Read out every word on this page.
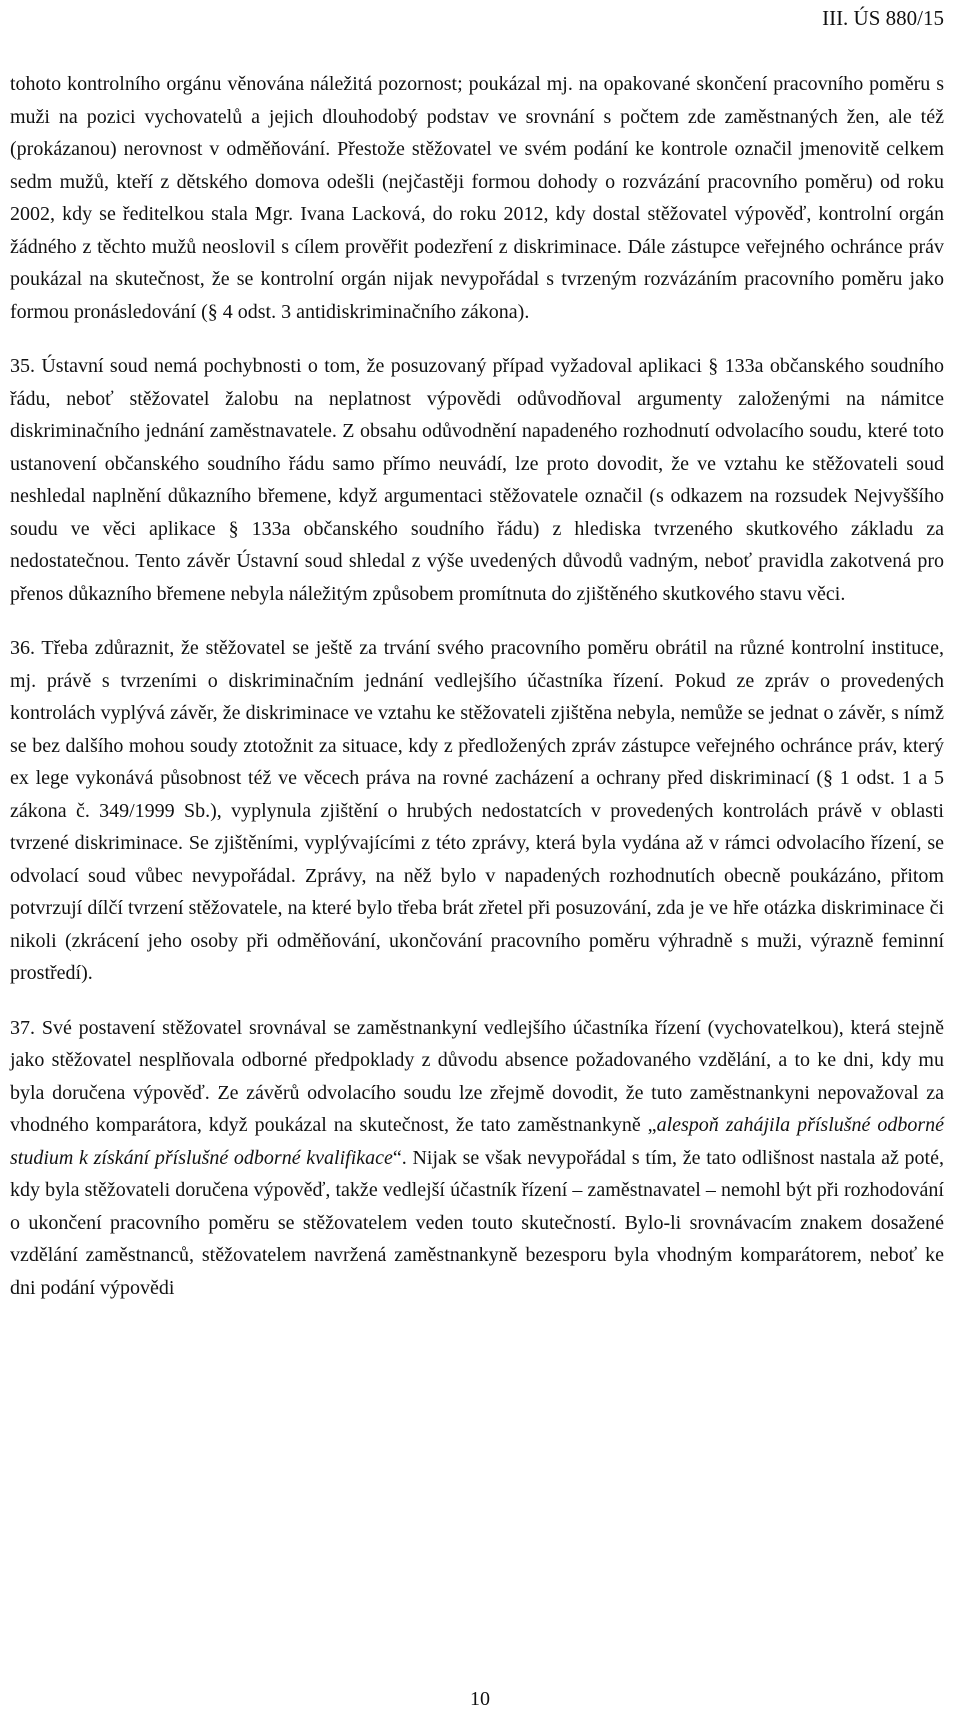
III. ÚS 880/15

tohoto kontrolního orgánu věnována náležitá pozornost; poukázal mj. na opakované skončení pracovního poměru s muži na pozici vychovatelů a jejich dlouhodobý podstav ve srovnání s počtem zde zaměstnaných žen, ale též (prokázanou) nerovnost v odměňování. Přestože stěžovatel ve svém podání ke kontrole označil jmenovitě celkem sedm mužů, kteří z dětského domova odešli (nejčastěji formou dohody o rozvázání pracovního poměru) od roku 2002, kdy se ředitelkou stala Mgr. Ivana Lacková, do roku 2012, kdy dostal stěžovatel výpověď, kontrolní orgán žádného z těchto mužů neoslovil s cílem prověřit podezření z diskriminace. Dále zástupce veřejného ochránce práv poukázal na skutečnost, že se kontrolní orgán nijak nevypořádal s tvrzeným rozvázáním pracovního poměru jako formou pronásledování (§ 4 odst. 3 antidiskriminačního zákona).

35. Ústavní soud nemá pochybnosti o tom, že posuzovaný případ vyžadoval aplikaci § 133a občanského soudního řádu, neboť stěžovatel žalobu na neplatnost výpovědi odůvodňoval argumenty založenými na námitce diskriminačního jednání zaměstnavatele. Z obsahu odůvodnění napadeného rozhodnutí odvolacího soudu, které toto ustanovení občanského soudního řádu samo přímo neuvádí, lze proto dovodit, že ve vztahu ke stěžovateli soud neshledal naplnění důkazního břemene, když argumentaci stěžovatele označil (s odkazem na rozsudek Nejvyššího soudu ve věci aplikace § 133a občanského soudního řádu) z hlediska tvrzeného skutkového základu za nedostatečnou. Tento závěr Ústavní soud shledal z výše uvedených důvodů vadným, neboť pravidla zakotvená pro přenos důkazního břemene nebyla náležitým způsobem promítnuta do zjištěného skutkového stavu věci.

36. Třeba zdůraznit, že stěžovatel se ještě za trvání svého pracovního poměru obrátil na různé kontrolní instituce, mj. právě s tvrzeními o diskriminačním jednání vedlejšího účastníka řízení. Pokud ze zpráv o provedených kontrolách vyplývá závěr, že diskriminace ve vztahu ke stěžovateli zjištěna nebyla, nemůže se jednat o závěr, s nímž se bez dalšího mohou soudy ztotožnit za situace, kdy z předložených zpráv zástupce veřejného ochránce práv, který ex lege vykonává působnost též ve věcech práva na rovné zacházení a ochrany před diskriminací (§ 1 odst. 1 a 5 zákona č. 349/1999 Sb.), vyplynula zjištění o hrubých nedostatcích v provedených kontrolách právě v oblasti tvrzené diskriminace. Se zjištěními, vyplývajícími z této zprávy, která byla vydána až v rámci odvolacího řízení, se odvolací soud vůbec nevypořádal. Zprávy, na něž bylo v napadených rozhodnutích obecně poukázáno, přitom potvrzují dílčí tvrzení stěžovatele, na které bylo třeba brát zřetel při posuzování, zda je ve hře otázka diskriminace či nikoli (zkrácení jeho osoby při odměňování, ukončování pracovního poměru výhradně s muži, výrazně feminní prostředí).

37. Své postavení stěžovatel srovnával se zaměstnankyní vedlejšího účastníka řízení (vychovatelkou), která stejně jako stěžovatel nesplňovala odborné předpoklady z důvodu absence požadovaného vzdělání, a to ke dni, kdy mu byla doručena výpověď. Ze závěrů odvolacího soudu lze zřejmě dovodit, že tuto zaměstnankyni nepovažoval za vhodného komparátora, když poukázal na skutečnost, že tato zaměstnankyně „alespoň zahájila příslušné odborné studium k získání příslušné odborné kvalifikace“. Nijak se však nevypořádal s tím, že tato odlišnost nastala až poté, kdy byla stěžovateli doručena výpověď, takže vedlejší účastník řízení – zaměstnavatel – nemohl být při rozhodování o ukončení pracovního poměru se stěžovatelem veden touto skutečností. Bylo-li srovnávacím znakem dosažené vzdělání zaměstnanců, stěžovatelem navržená zaměstnankyně bezesporu byla vhodným komparátorem, neboť ke dni podání výpovědi

10
